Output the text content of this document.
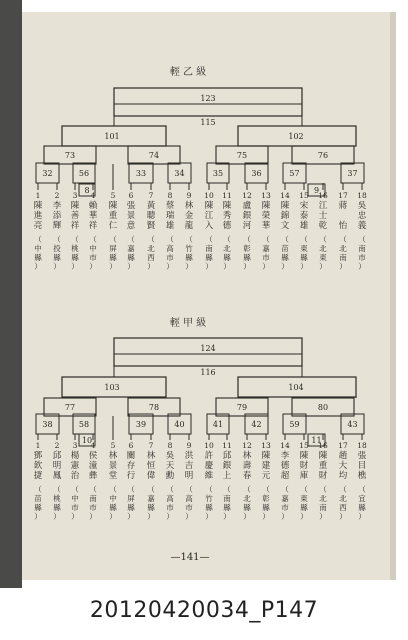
輕 乙 級
123
115
101	102
73	74	75	76
32	56
8
33	34	35	36	57
9
37
1
陳
進
亮
（
中
縣
）
2
李
添
輝
（
投
縣
）
3
陳
善
祥
（
桃
縣
）
4
賴
華
祥
（
中
市
）
5
陳
重
仁
（
屏
縣
）
6
張
景
意
（
嘉
縣
）
7
黃
聰
賢
（
北
西
）
8
蔡
瑞
雄
（
高
市
）
9
林
金
龍
（
竹
縣
）
10
陳
江
入
（
南
縣
）
11
陳
秀
德
（
北
縣
）
12
盧
銀
河
（
彰
縣
）
13
陳
榮
華
（
嘉
市
）
14
陳
錦
文
（
苗
縣
）
15
宋
泰
雄
（
東
縣
）
16
江
士
乾
（
北
東
）
17
蔣

怡
（
北
南
）
18
吳
忠
義
（
南
市
）
輕 甲 級
124
116
103	104
77	78	79	80
38	58
10
39	40	41	42	59
11
43
1
鄧
欽
捷
（
苗
縣
）
2
邱
明
鳳
（
桃
縣
）
3
楊
憲
治
（
中
市
）
4
侯
潼
彝
（
南
市
）
5
林
景
堂
（
中
縣
）
6
關
存
行
（
屏
縣
）
7
林
恒
偉
（
嘉
縣
）
8
吳
天
勳
（
高
市
）
9
洪
吉
明
（
高
市
）
10
許
慶
維
（
竹
縣
）
11
邱
銀
上
（
南
縣
）
12
林
壽
春
（
北
縣
）
13
陳
建
元
（
彰
縣
）
14
李
德
超
（
嘉
市
）
15
陳
財
庫
（
東
縣
）
16
陳
重
財
（
北
南
）
17
趙
大
均
（
北
西
）
18
張
目
樵
（
宜
縣
）
—141—
20120420034_P147
